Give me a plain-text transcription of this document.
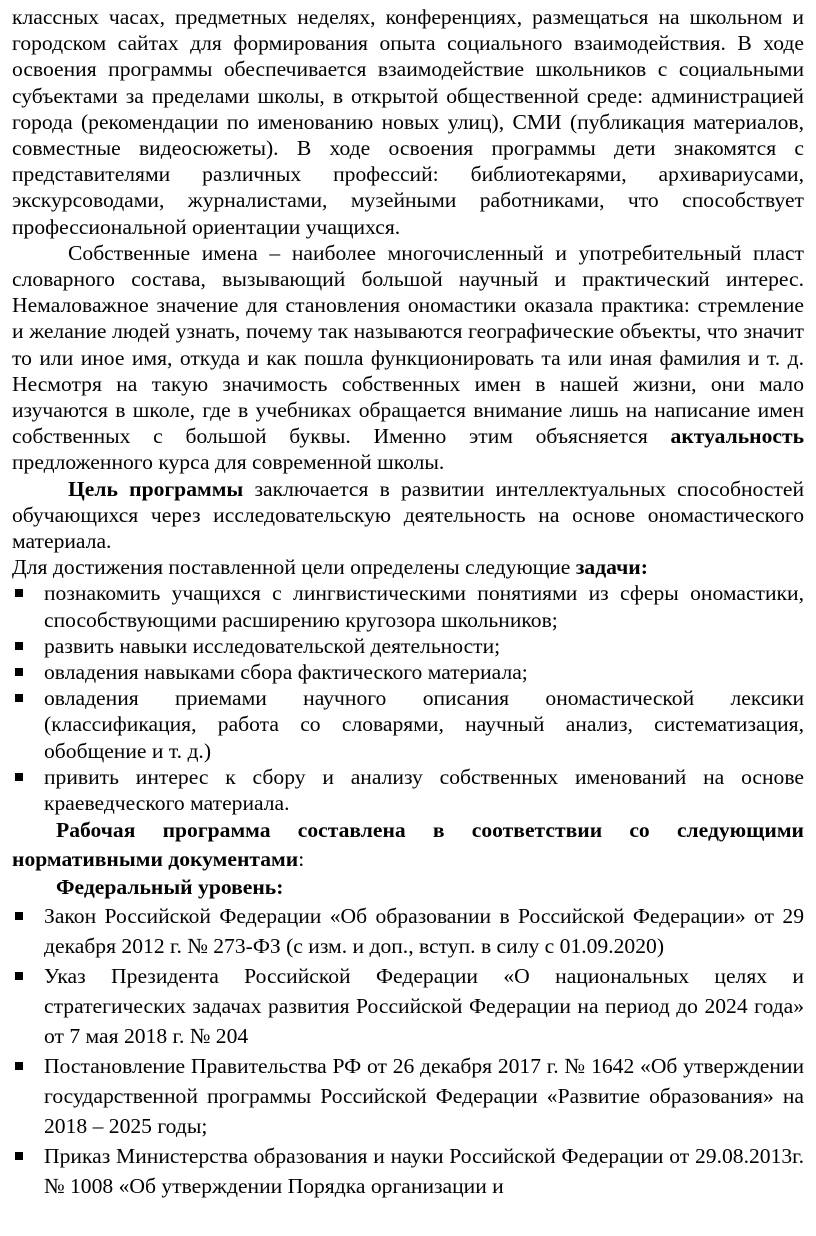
классных часах, предметных неделях, конференциях, размещаться на школьном и городском сайтах для формирования опыта социального взаимодействия. В ходе освоения программы обеспечивается взаимодействие школьников с социальными субъектами за пределами школы, в открытой общественной среде: администрацией города (рекомендации по именованию новых улиц), СМИ (публикация материалов, совместные видеосюжеты). В ходе освоения программы дети знакомятся с представителями различных профессий: библиотекарями, архивариусами, экскурсоводами, журналистами, музейными работниками, что способствует профессиональной ориентации учащихся.

Собственные имена – наиболее многочисленный и употребительный пласт словарного состава, вызывающий большой научный и практический интерес. Немаловажное значение для становления ономастики оказала практика: стремление и желание людей узнать, почему так называются географические объекты, что значит то или иное имя, откуда и как пошла функционировать та или иная фамилия и т. д. Несмотря на такую значимость собственных имен в нашей жизни, они мало изучаются в школе, где в учебниках обращается внимание лишь на написание имен собственных с большой буквы. Именно этим объясняется актуальность предложенного курса для современной школы.

Цель программы заключается в развитии интеллектуальных способностей обучающихся через исследовательскую деятельность на основе ономастического материала.

Для достижения поставленной цели определены следующие задачи:

познакомить учащихся с лингвистическими понятиями из сферы ономастики, способствующими расширению кругозора школьников;
развить навыки исследовательской деятельности;
овладения навыками сбора фактического материала;
овладения приемами научного описания ономастической лексики (классификация, работа со словарями, научный анализ, систематизация, обобщение и т. д.)
привить интерес к сбору и анализу собственных именований на основе краеведческого материала.

Рабочая программа составлена в соответствии со следующими нормативными документами:

Федеральный уровень:

Закон Российской Федерации «Об образовании в Российской Федерации» от 29 декабря 2012 г. № 273-ФЗ (с изм. и доп., вступ. в силу с 01.09.2020)
Указ Президента Российской Федерации «О национальных целях и стратегических задачах развития Российской Федерации на период до 2024 года» от 7 мая 2018 г. № 204
Постановление Правительства РФ от 26 декабря 2017 г. № 1642 «Об утверждении государственной программы Российской Федерации «Развитие образования» на 2018 – 2025 годы;
Приказ Министерства образования и науки Российской Федерации от 29.08.2013г. № 1008 «Об утверждении Порядка организации и
